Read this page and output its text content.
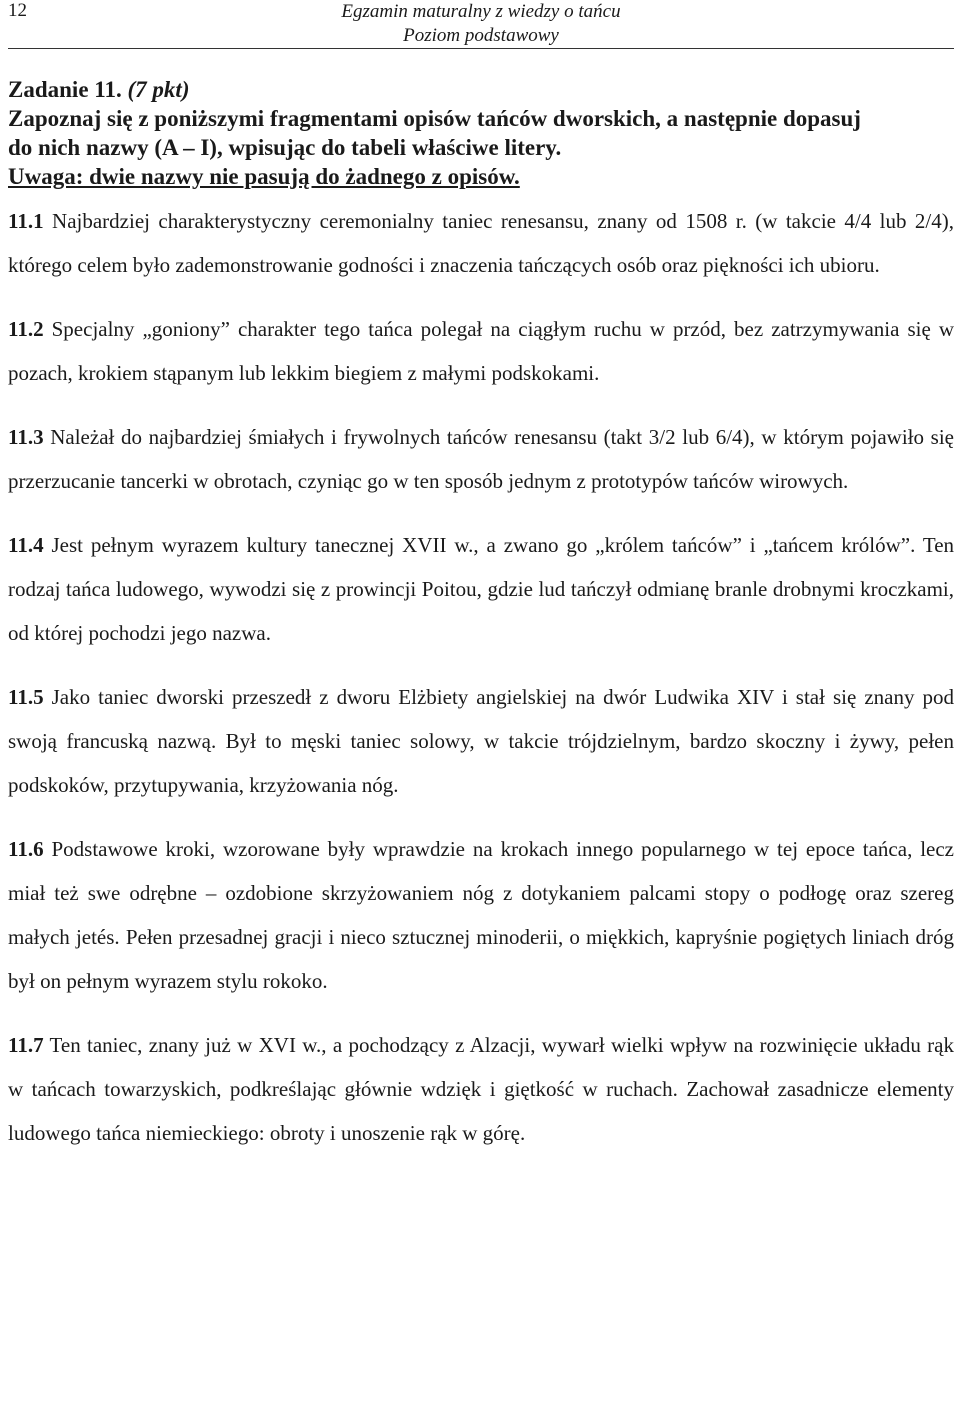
12	Egzamin maturalny z wiedzy o tańcu
Poziom podstawowy
Zadanie 11. (7 pkt)
Zapoznaj się z poniższymi fragmentami opisów tańców dworskich, a następnie dopasuj
do nich nazwy (A – I), wpisując do tabeli właściwe litery.
Uwaga: dwie nazwy nie pasują do żadnego z opisów.

11.1 Najbardziej charakterystyczny ceremonialny taniec renesansu, znany od 1508 r. (w takcie 4/4 lub 2/4), którego celem było zademonstrowanie godności i znaczenia tańczących osób oraz piękności ich ubioru.

11.2 Specjalny „goniony” charakter tego tańca polegał na ciągłym ruchu w przód, bez zatrzymywania się w pozach, krokiem stąpanym lub lekkim biegiem z małymi podskokami.

11.3 Należał do najbardziej śmiałych i frywolnych tańców renesansu (takt 3/2 lub 6/4), w którym pojawiło się przerzucanie tancerki w obrotach, czyniąc go w ten sposób jednym z prototypów tańców wirowych.

11.4 Jest pełnym wyrazem kultury tanecznej XVII w., a zwano go „królem tańców” i „tańcem królów”. Ten rodzaj tańca ludowego, wywodzi się z prowincji Poitou, gdzie lud tańczył odmianę branle drobnymi kroczkami, od której pochodzi jego nazwa.

11.5 Jako taniec dworski przeszedł z dworu Elżbiety angielskiej na dwór Ludwika XIV i stał się znany pod swoją francuską nazwą. Był to męski taniec solowy, w takcie trójdzielnym, bardzo skoczny i żywy, pełen podskoków, przytupywania, krzyżowania nóg.

11.6 Podstawowe kroki, wzorowane były wprawdzie na krokach innego popularnego w tej epoce tańca, lecz miał też swe odrębne – ozdobione skrzyżowaniem nóg z dotykaniem palcami stopy o podłogę oraz szereg małych jetés. Pełen przesadnej gracji i nieco sztucznej minoderii, o miękkich, kapryśnie pogiętych liniach dróg był on pełnym wyrazem stylu rokoko.

11.7 Ten taniec, znany już w XVI w., a pochodzący z Alzacji, wywarł wielki wpływ na rozwinięcie układu rąk w tańcach towarzyskich, podkreślając głównie wdzięk i giętkość w ruchach. Zachował zasadnicze elementy ludowego tańca niemieckiego: obroty i unoszenie rąk w górę.
